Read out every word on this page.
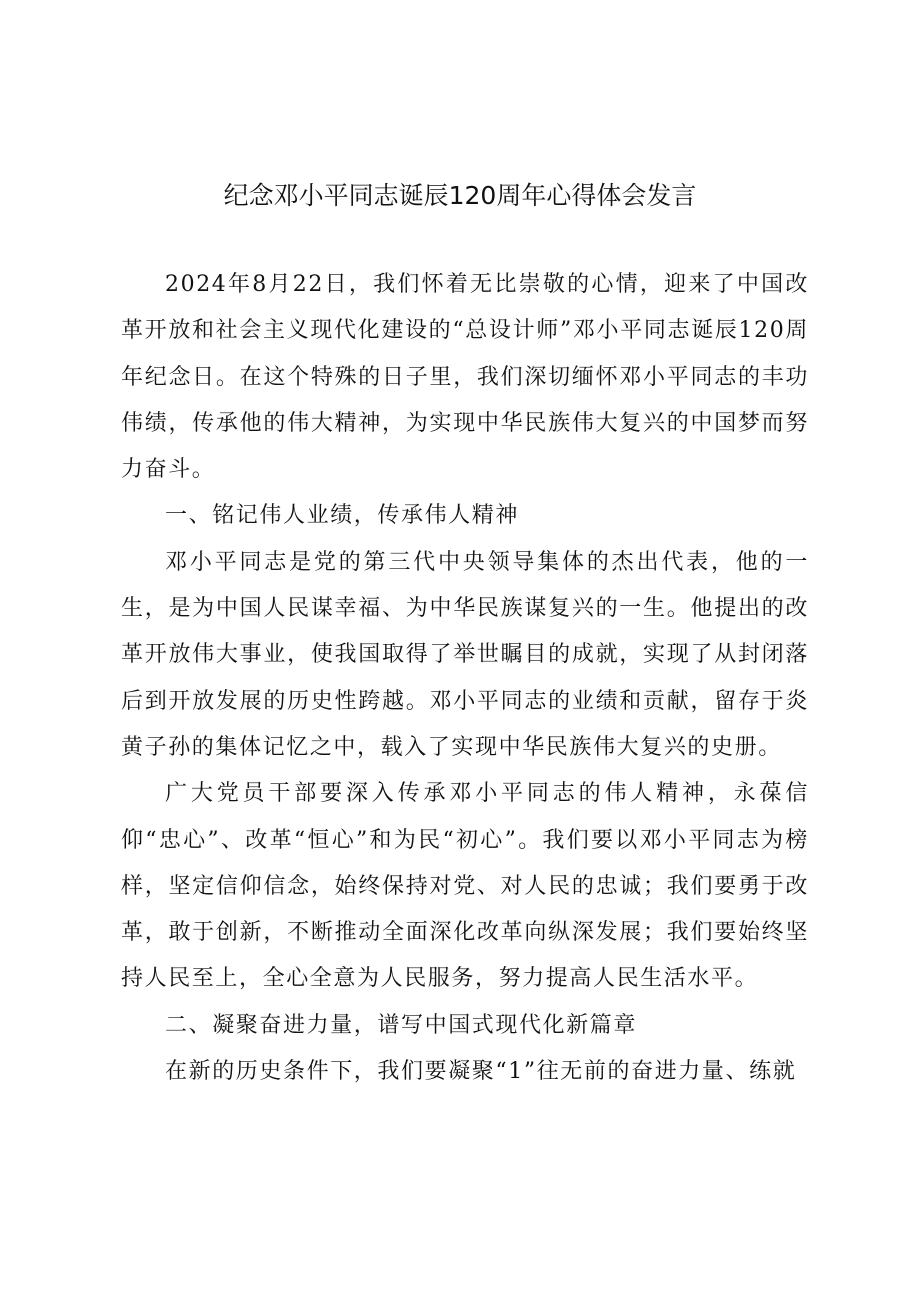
纪念邓小平同志诞辰120周年心得体会发言

2024年8月22日，我们怀着无比崇敬的心情，迎来了中国改革开放和社会主义现代化建设的“总设计师”邓小平同志诞辰120周年纪念日。在这个特殊的日子里，我们深切缅怀邓小平同志的丰功伟绩，传承他的伟大精神，为实现中华民族伟大复兴的中国梦而努力奋斗。

一、铭记伟人业绩，传承伟人精神

邓小平同志是党的第三代中央领导集体的杰出代表，他的一生，是为中国人民谋幸福、为中华民族谋复兴的一生。他提出的改革开放伟大事业，使我国取得了举世瞩目的成就，实现了从封闭落后到开放发展的历史性跨越。邓小平同志的业绩和贡献，留存于炎黄子孙的集体记忆之中，载入了实现中华民族伟大复兴的史册。

广大党员干部要深入传承邓小平同志的伟人精神，永葆信仰“忠心”、改革“恒心”和为民“初心”。我们要以邓小平同志为榜样，坚定信仰信念，始终保持对党、对人民的忠诚；我们要勇于改革，敢于创新，不断推动全面深化改革向纵深发展；我们要始终坚持人民至上，全心全意为人民服务，努力提高人民生活水平。

二、凝聚奋进力量，谱写中国式现代化新篇章

在新的历史条件下，我们要凝聚“1”往无前的奋进力量、练就
